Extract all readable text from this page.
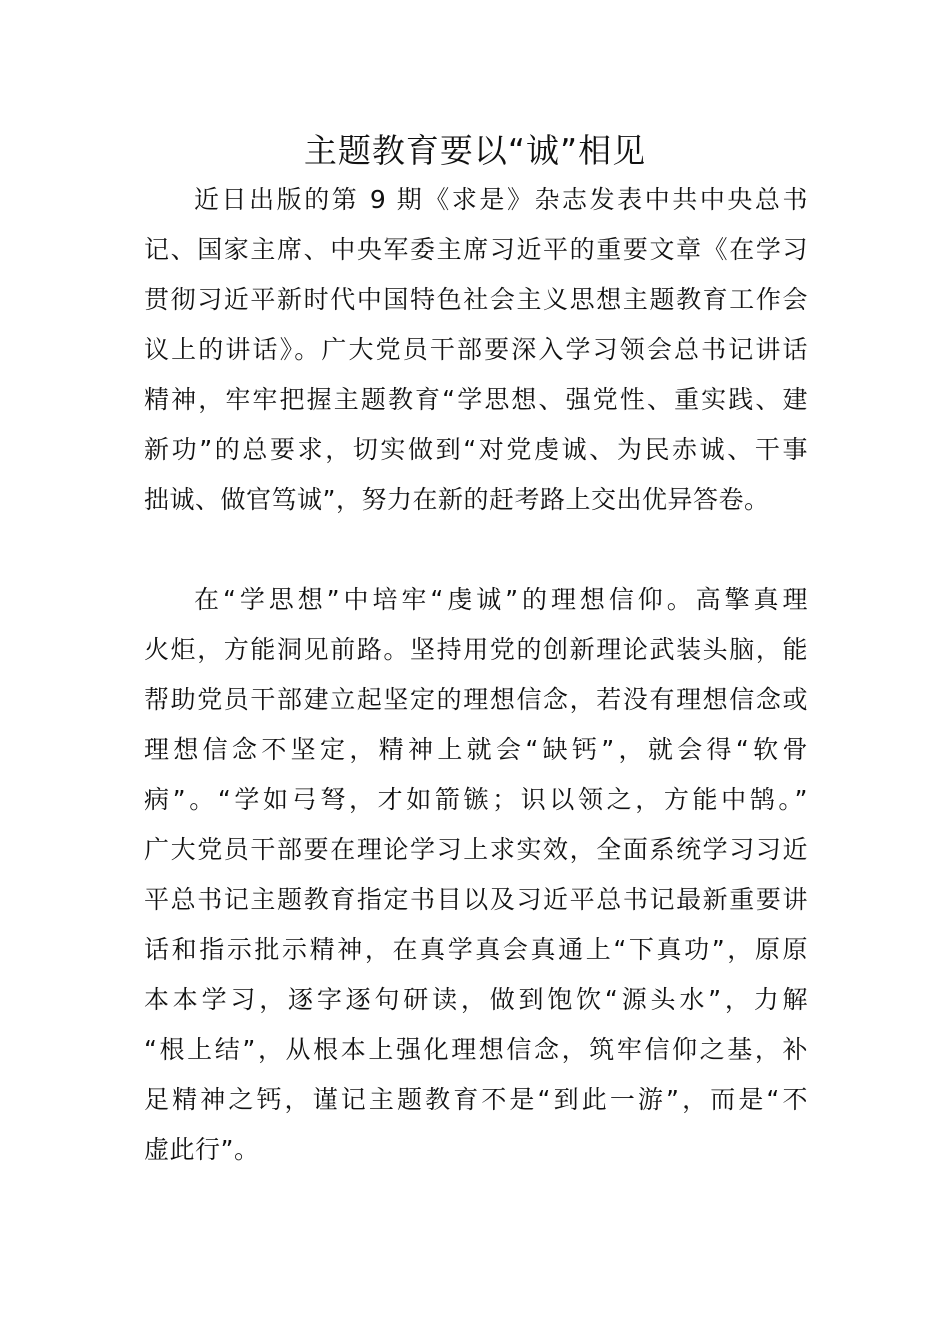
主题教育要以“诚”相见
近日出版的第 9 期《求是》杂志发表中共中央总书
记、国家主席、中央军委主席习近平的重要文章《在学习
贯彻习近平新时代中国特色社会主义思想主题教育工作会
议上的讲话》。广大党员干部要深入学习领会总书记讲话
精神，牢牢把握主题教育“学思想、强党性、重实践、建
新功”的总要求，切实做到“对党虔诚、为民赤诚、干事
拙诚、做官笃诚”，努力在新的赶考路上交出优异答卷。
在“学思想”中培牢“虔诚”的理想信仰。高擎真理
火炬，方能洞见前路。坚持用党的创新理论武装头脑，能
帮助党员干部建立起坚定的理想信念，若没有理想信念或
理想信念不坚定，精神上就会“缺钙”，就会得“软骨
病”。“学如弓弩，才如箭镞；识以领之，方能中鹄。”
广大党员干部要在理论学习上求实效，全面系统学习习近
平总书记主题教育指定书目以及习近平总书记最新重要讲
话和指示批示精神，在真学真会真通上“下真功”，原原
本本学习，逐字逐句研读，做到饱饮“源头水”，力解
“根上结”，从根本上强化理想信念，筑牢信仰之基，补
足精神之钙，谨记主题教育不是“到此一游”，而是“不
虚此行”。
